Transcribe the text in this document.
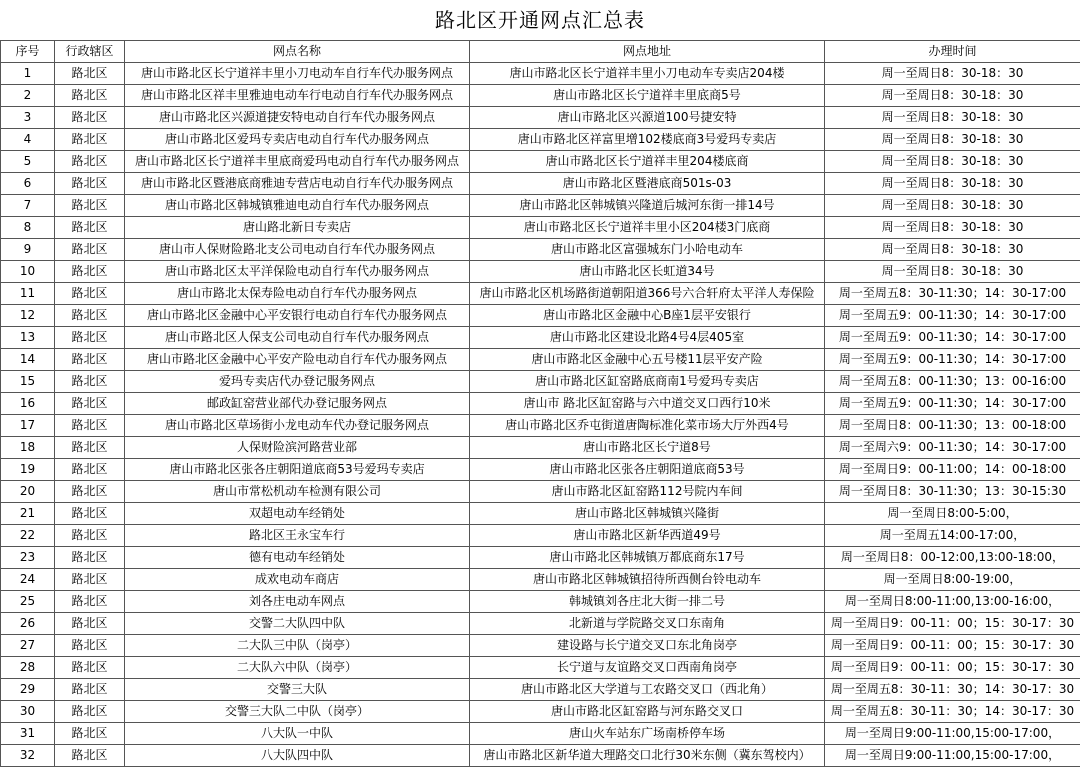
路北区开通网点汇总表
序号	行政辖区	网点名称	网点地址	办理时间
1	路北区	唐山市路北区长宁道祥丰里小刀电动车自行车代办服务网点	唐山市路北区长宁道祥丰里小刀电动车专卖店204楼	周一至周日8：30-18：30
2	路北区	唐山市路北区祥丰里雅迪电动车行电动自行车代办服务网点	唐山市路北区长宁道祥丰里底商5号	周一至周日8：30-18：30
3	路北区	唐山市路北区兴源道捷安特电动自行车代办服务网点	唐山市路北区兴源道100号捷安特	周一至周日8：30-18：30
4	路北区	唐山市路北区爱玛专卖店电动自行车代办服务网点	唐山市路北区祥富里增102楼底商3号爱玛专卖店	周一至周日8：30-18：30
5	路北区	唐山市路北区长宁道祥丰里底商爱玛电动自行车代办服务网点	唐山市路北区长宁道祥丰里204楼底商	周一至周日8：30-18：30
6	路北区	唐山市路北区暨港底商雅迪专营店电动自行车代办服务网点	唐山市路北区暨港底商501s-03	周一至周日8：30-18：30
7	路北区	唐山市路北区韩城镇雅迪电动自行车代办服务网点	唐山市路北区韩城镇兴隆道后城河东街一排14号	周一至周日8：30-18：30
8	路北区	唐山路北新日专卖店	唐山市路北区长宁道祥丰里小区204楼3门底商	周一至周日8：30-18：30
9	路北区	唐山市人保财险路北支公司电动自行车代办服务网点	唐山市路北区富强城东门小哈电动车	周一至周日8：30-18：30
10	路北区	唐山市路北区太平洋保险电动自行车代办服务网点	唐山市路北区长虹道34号	周一至周日8：30-18：30
11	路北区	唐山市路北太保寿险电动自行车代办服务网点	唐山市路北区机场路街道朝阳道366号六合轩府太平洋人寿保险	周一至周五8：30-11:30；14：30-17:00
12	路北区	唐山市路北区金融中心平安银行电动自行车代办服务网点	唐山市路北区金融中心B座1层平安银行	周一至周五9：00-11:30；14：30-17:00
13	路北区	唐山市路北区人保支公司电动自行车代办服务网点	唐山市路北区建设北路4号4层405室	周一至周五9：00-11:30；14：30-17:00
14	路北区	唐山市路北区金融中心平安产险电动自行车代办服务网点	唐山市路北区金融中心五号楼11层平安产险	周一至周五9：00-11:30；14：30-17:00
15	路北区	爱玛专卖店代办登记服务网点	唐山市路北区缸窑路底商南1号爱玛专卖店	周一至周五8：00-11:30；13：00-16:00
16	路北区	邮政缸窑营业部代办登记服务网点	唐山市 路北区缸窑路与六中道交叉口西行10米	周一至周五9：00-11:30；14：30-17:00
17	路北区	唐山市路北区草场街小龙电动车代办登记服务网点	唐山市路北区乔屯街道唐陶标准化菜市场大厅外西4号	周一至周日8：00-11:30；13：00-18:00
18	路北区	人保财险滨河路营业部	唐山市路北区长宁道8号	周一至周六9：00-11:30；14：30-17:00
19	路北区	唐山市路北区张各庄朝阳道底商53号爱玛专卖店	唐山市路北区张各庄朝阳道底商53号	周一至周日9：00-11:00；14：00-18:00
20	路北区	唐山市常松机动车检测有限公司	唐山市路北区缸窑路112号院内车间	周一至周日8：30-11:30；13：30-15:30
21	路北区	双超电动车经销处	唐山市路北区韩城镇兴隆街	周一至周日8:00-5:00，
22	路北区	路北区王永宝车行	唐山市路北区新华西道49号	周一至周五14:00-17:00，
23	路北区	德有电动车经销处	唐山市路北区韩城镇万都底商东17号	周一至周日8：00-12:00,13:00-18:00，
24	路北区	成欢电动车商店	唐山市路北区韩城镇招待所西侧台铃电动车	周一至周日8:00-19:00，
25	路北区	刘各庄电动车网点	韩城镇刘各庄北大街一排二号	周一至周日8:00-11:00,13:00-16:00，
26	路北区	交警二大队四中队	北新道与学院路交叉口东南角	周一至周日9：00-11：00；15：30-17：30
27	路北区	二大队三中队（岗亭）	建设路与长宁道交叉口东北角岗亭	周一至周日9：00-11：00；15：30-17：30
28	路北区	二大队六中队（岗亭）	长宁道与友谊路交叉口西南角岗亭	周一至周日9：00-11：00；15：30-17：30
29	路北区	交警三大队	唐山市路北区大学道与工农路交叉口（西北角）	周一至周五8：30-11：30；14：30-17：30
30	路北区	交警三大队二中队（岗亭）	唐山市路北区缸窑路与河东路交叉口	周一至周五8：30-11：30；14：30-17：30
31	路北区	八大队一中队	唐山火车站东广场南桥停车场	周一至周日9:00-11:00,15:00-17:00，
32	路北区	八大队四中队	唐山市路北区新华道大理路交口北行30米东侧（冀东驾校内）	周一至周日9:00-11:00,15:00-17:00，
